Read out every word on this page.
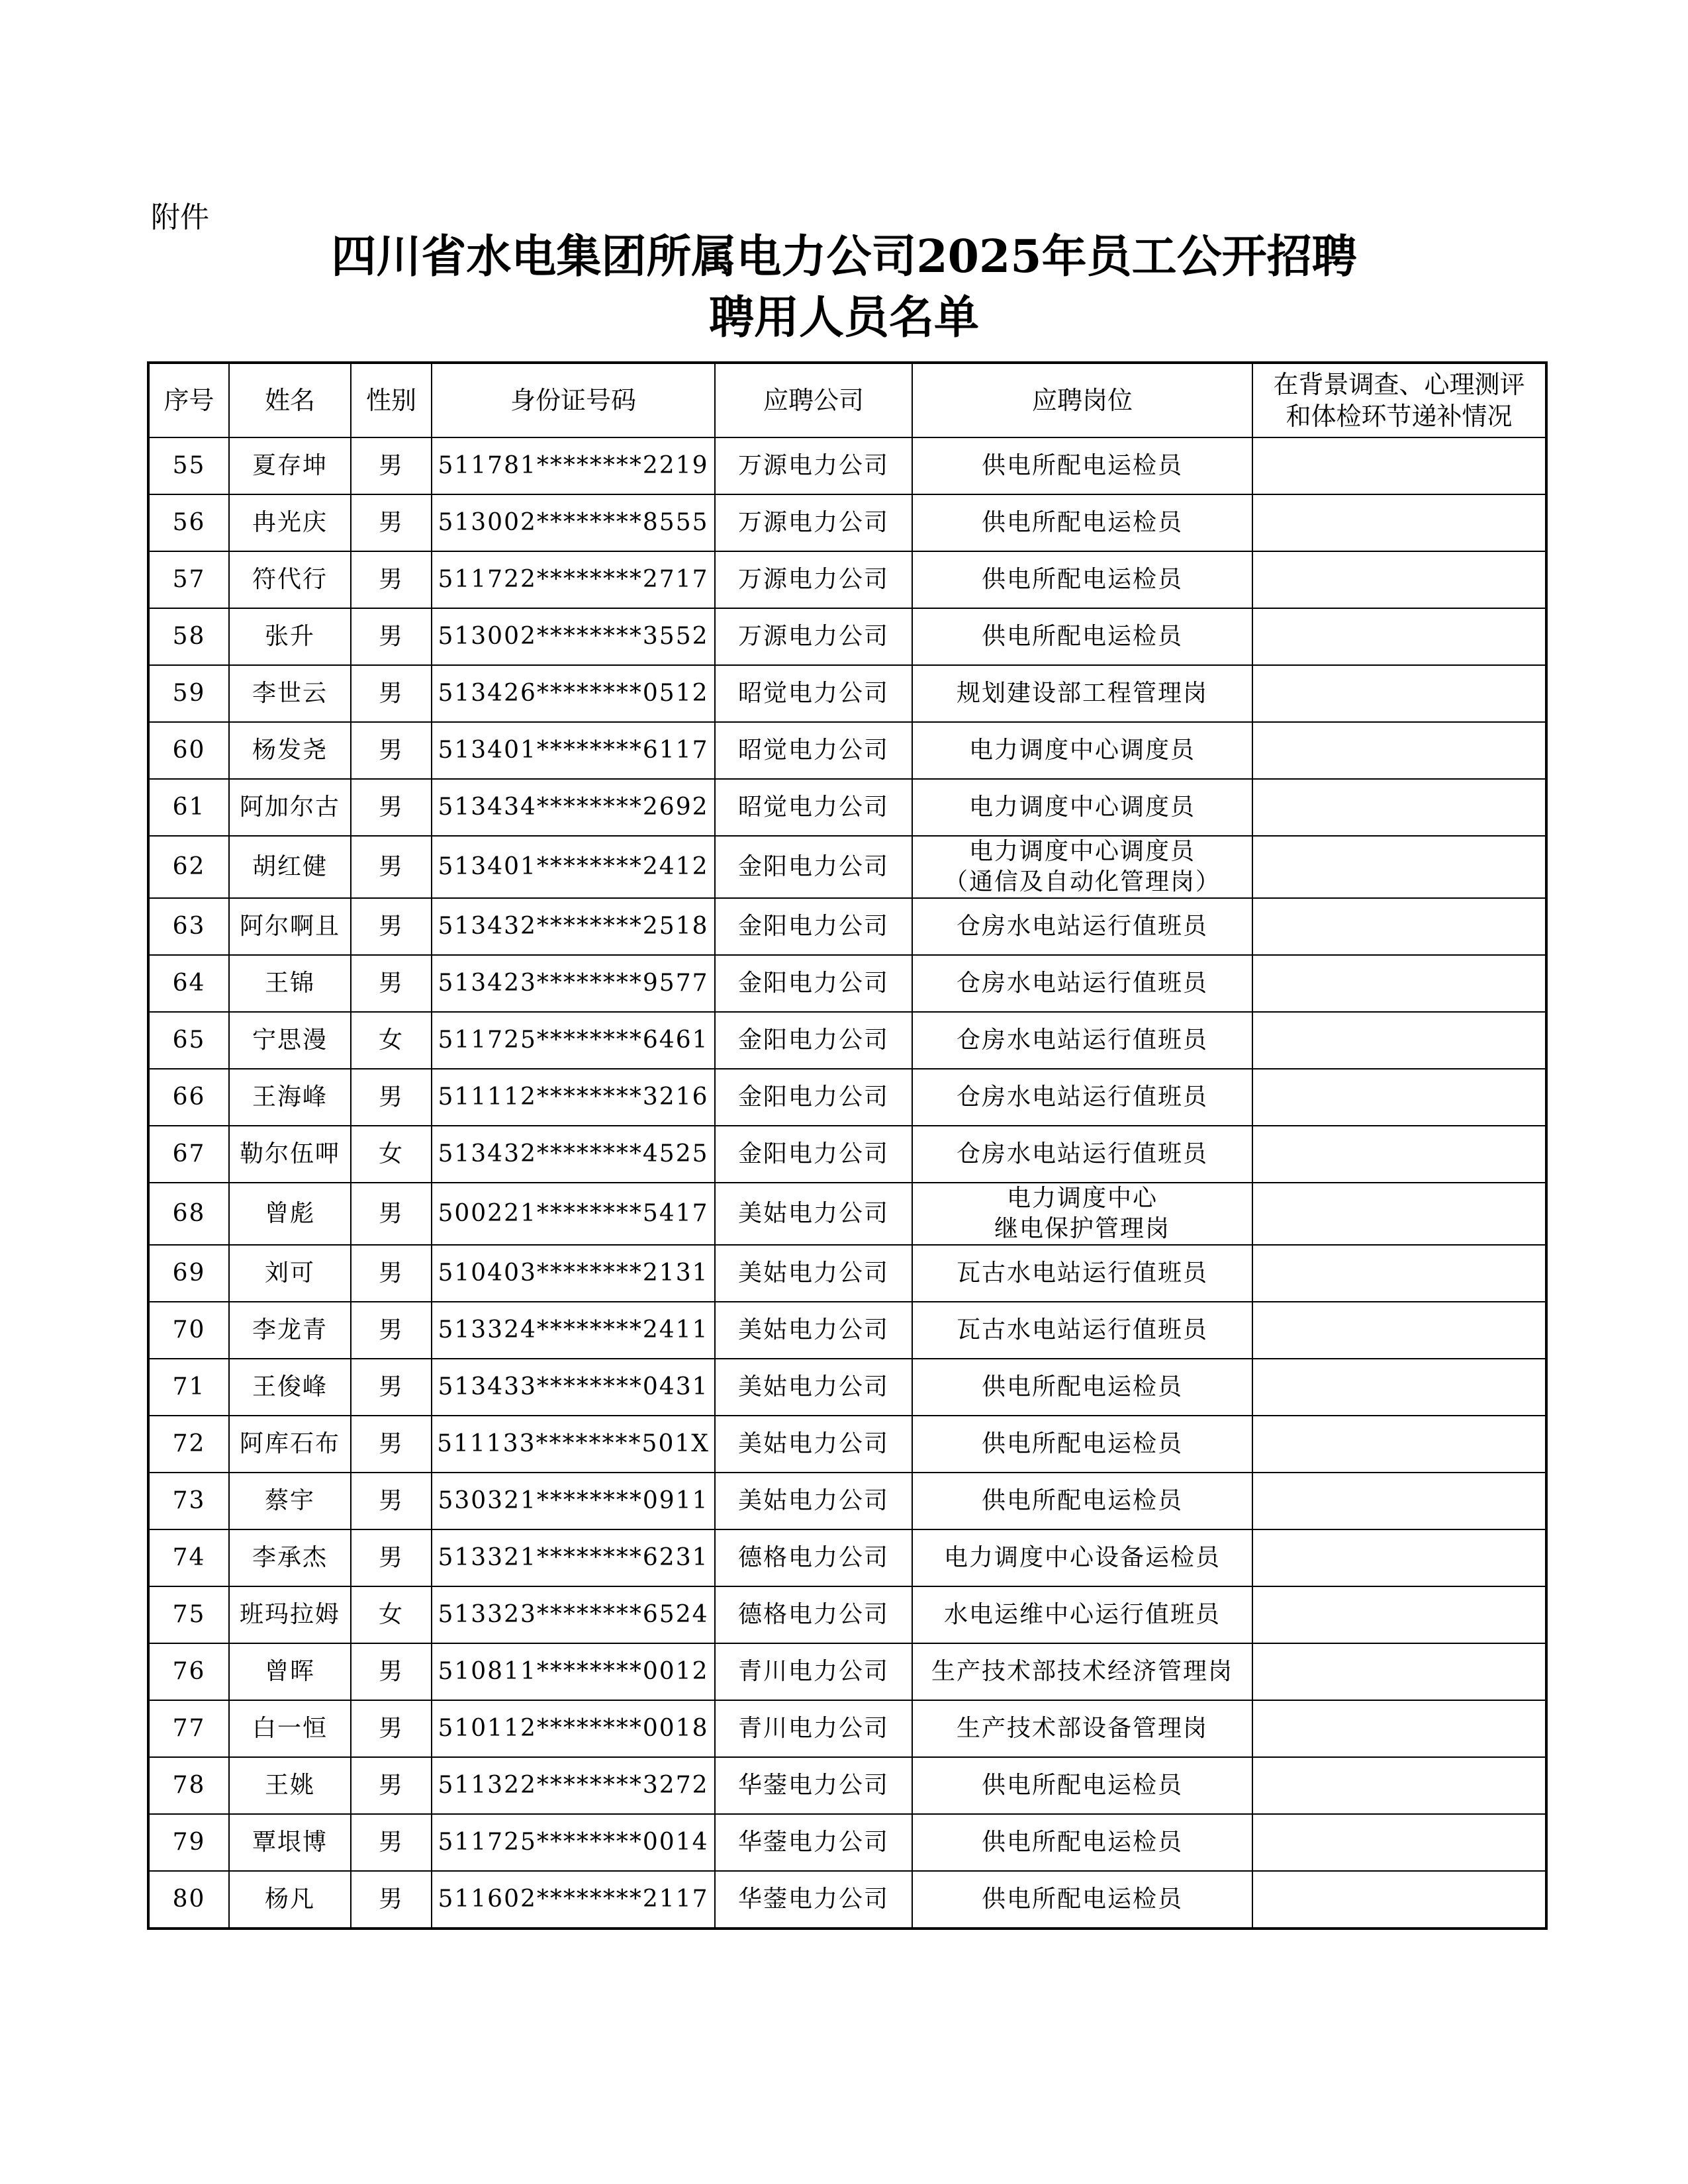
附件
四川省水电集团所属电力公司2025年员工公开招聘
聘用人员名单
序号	姓名	性别	身份证号码	应聘公司	应聘岗位	在背景调查、心理测评
和体检环节递补情况

55	夏存坤	男	511781********2219	万源电力公司	供电所配电运检员	

56	冉光庆	男	513002********8555	万源电力公司	供电所配电运检员	

57	符代行	男	511722********2717	万源电力公司	供电所配电运检员	

58	张升	男	513002********3552	万源电力公司	供电所配电运检员	

59	李世云	男	513426********0512	昭觉电力公司	规划建设部工程管理岗	

60	杨发尧	男	513401********6117	昭觉电力公司	电力调度中心调度员	

61	阿加尔古	男	513434********2692	昭觉电力公司	电力调度中心调度员	

62	胡红健	男	513401********2412	金阳电力公司	电力调度中心调度员
（通信及自动化管理岗）	

63	阿尔啊且	男	513432********2518	金阳电力公司	仓房水电站运行值班员	

64	王锦	男	513423********9577	金阳电力公司	仓房水电站运行值班员	

65	宁思漫	女	511725********6461	金阳电力公司	仓房水电站运行值班员	

66	王海峰	男	511112********3216	金阳电力公司	仓房水电站运行值班员	

67	勒尔伍呷	女	513432********4525	金阳电力公司	仓房水电站运行值班员	

68	曾彪	男	500221********5417	美姑电力公司	电力调度中心
继电保护管理岗	

69	刘可	男	510403********2131	美姑电力公司	瓦古水电站运行值班员	

70	李龙青	男	513324********2411	美姑电力公司	瓦古水电站运行值班员	

71	王俊峰	男	513433********0431	美姑电力公司	供电所配电运检员	

72	阿库石布	男	511133********501X	美姑电力公司	供电所配电运检员	

73	蔡宇	男	530321********0911	美姑电力公司	供电所配电运检员	

74	李承杰	男	513321********6231	德格电力公司	电力调度中心设备运检员	

75	班玛拉姆	女	513323********6524	德格电力公司	水电运维中心运行值班员	

76	曾晖	男	510811********0012	青川电力公司	生产技术部技术经济管理岗	

77	白一恒	男	510112********0018	青川电力公司	生产技术部设备管理岗	

78	王姚	男	511322********3272	华蓥电力公司	供电所配电运检员	

79	覃垠博	男	511725********0014	华蓥电力公司	供电所配电运检员	

80	杨凡	男	511602********2117	华蓥电力公司	供电所配电运检员	
